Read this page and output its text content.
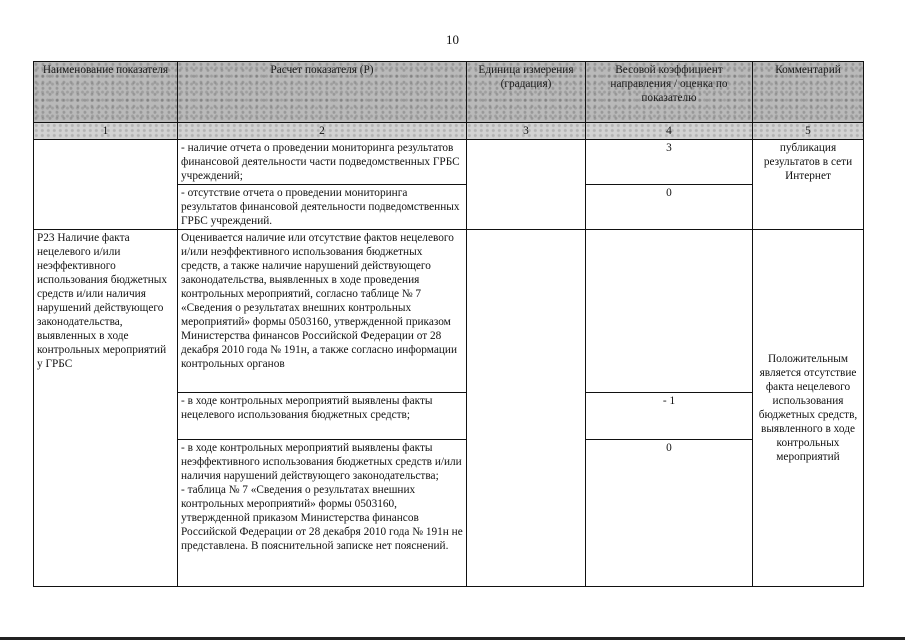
10
Наименование показателя	Расчет показателя (Р)	Единица измерения (градация)	Весовой коэффициент направления / оценка по показателю	Комментарий
1	2	3	4	5
	- наличие отчета о проведении мониторинга результатов финансовой деятельности части подведомственных ГРБС учреждений;		3	публикация результатов в сети Интернет
	- отсутствие отчета о проведении мониторинга результатов финансовой деятельности подведомственных ГРБС учреждений.		0	
Р23 Наличие факта нецелевого и/или неэффективного использования бюджетных средств и/или наличия нарушений действующего законодательства, выявленных в ходе контрольных мероприятий у ГРБС	Оценивается наличие или отсутствие фактов нецелевого и/или неэффективного использования бюджетных средств, а также наличие нарушений действующего законодательства, выявленных в ходе проведения контрольных мероприятий, согласно таблице № 7 «Сведения о результатах внешних контрольных мероприятий» формы 0503160, утвержденной приказом Министерства финансов Российской Федерации от 28 декабря 2010 года № 191н, а также согласно информации контрольных органов			Положительным является отсутствие факта нецелевого использования бюджетных средств, выявленного в ходе контрольных мероприятий
	- в ходе контрольных мероприятий выявлены факты нецелевого использования бюджетных средств;		- 1	

	- в ходе контрольных мероприятий выявлены факты неэффективного использования бюджетных средств и/или наличия нарушений действующего законодательства;
- таблица № 7 «Сведения о результатах внешних контрольных мероприятий» формы 0503160, утвержденной приказом Министерства финансов Российской Федерации от 28 декабря 2010 года № 191н не представлена. В пояснительной записке нет пояснений.		0	
